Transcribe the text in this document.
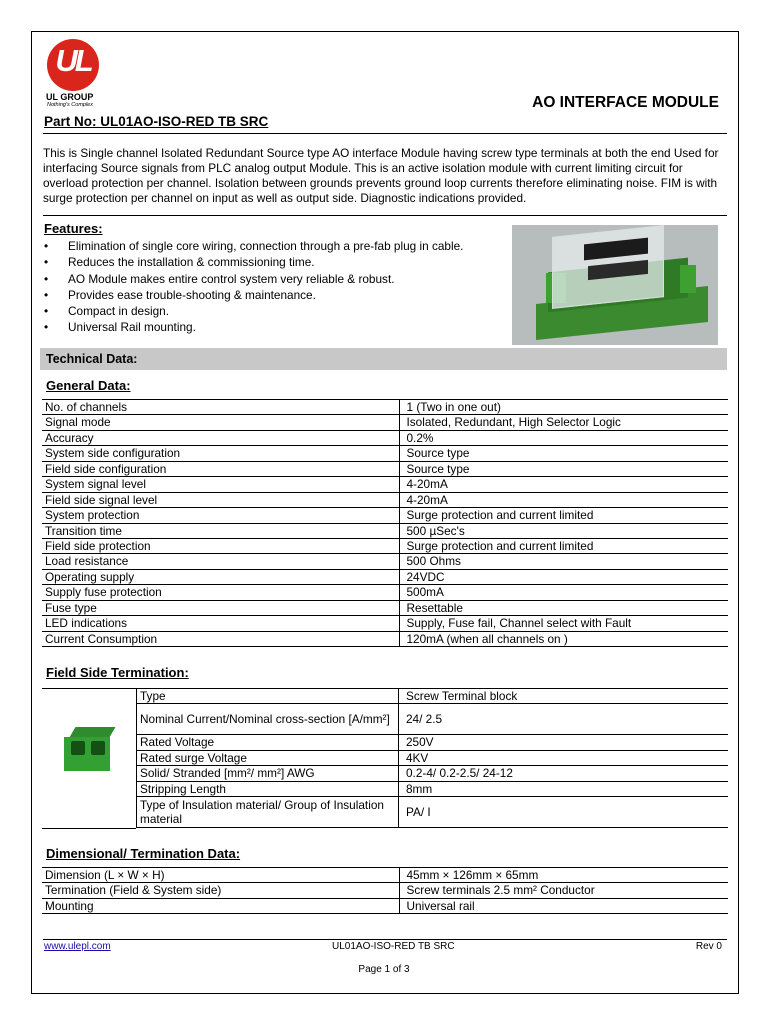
UL
UL GROUP
Nothing's Complex	AO INTERFACE MODULE
Part No: UL01AO-ISO-RED TB SRC

This is Single channel Isolated Redundant Source type AO interface Module having screw type terminals at both the end Used for interfacing Source signals from PLC analog output Module. This is an active isolation module with current limiting circuit for overload protection per channel. Isolation between grounds prevents ground loop currents therefore eliminating noise. FIM is with surge protection per channel on input as well as output side. Diagnostic indications provided.

Features:
• Elimination of single core wiring, connection through a pre-fab plug in cable.
• Reduces the installation & commissioning time.
• AO Module makes entire control system very reliable & robust.
• Provides ease trouble-shooting & maintenance.
• Compact in design.
• Universal Rail mounting.
Technical Data:
General Data:
No. of channels	1 (Two in one out)
Signal mode	Isolated, Redundant, High Selector Logic
Accuracy	0.2%
System side configuration	Source type
Field side configuration	Source type
System signal level	4-20mA
Field side signal level	4-20mA
System protection	Surge protection and current limited
Transition time	500 µSec's
Field side protection	Surge protection and current limited
Load resistance	500 Ohms
Operating supply	24VDC
Supply fuse protection	500mA
Fuse type	Resettable
LED indications	Supply, Fuse fail, Channel select with Fault
Current Consumption	120mA (when all channels on )
Field Side Termination:
Type	Screw Terminal block
Nominal Current/Nominal cross-section [A/mm²]	24/ 2.5
Rated Voltage	250V
Rated surge Voltage	4KV
Solid/ Stranded [mm²/ mm²] AWG	0.2-4/ 0.2-2.5/ 24-12
Stripping Length	8mm
Type of Insulation material/ Group of Insulation material	PA/ I
Dimensional/ Termination Data:
Dimension (L × W × H)	45mm × 126mm × 65mm
Termination (Field & System side)	Screw terminals 2.5 mm² Conductor
Mounting	Universal rail
www.ulepl.com	UL01AO-ISO-RED TB SRC	Rev 0
Page 1 of 3
